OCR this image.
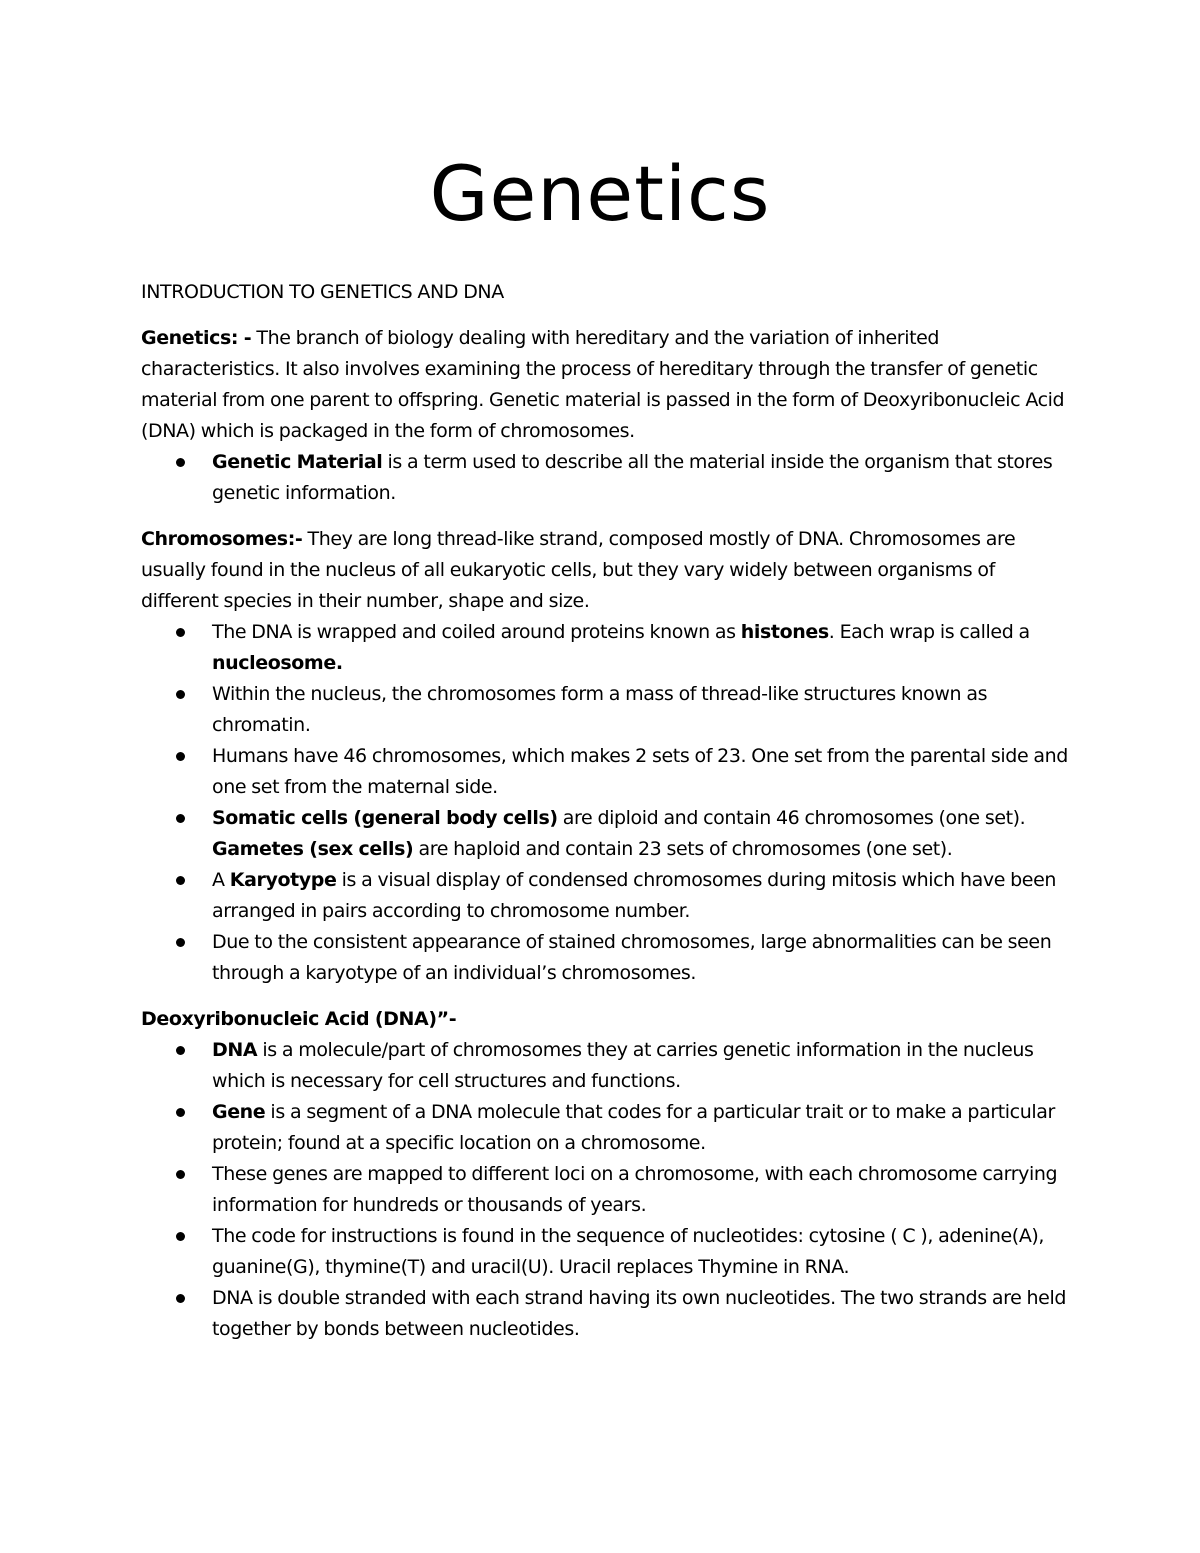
Genetics

INTRODUCTION TO GENETICS AND DNA

Genetics: - The branch of biology dealing with hereditary and the variation of inherited characteristics. It also involves examining the process of hereditary through the transfer of genetic material from one parent to offspring. Genetic material is passed in the form of Deoxyribonucleic Acid (DNA) which is packaged in the form of chromosomes.

Genetic Material is a term used to describe all the material inside the organism that stores genetic information.

Chromosomes:- They are long thread-like strand, composed mostly of DNA. Chromosomes are usually found in the nucleus of all eukaryotic cells, but they vary widely between organisms of different species in their number, shape and size.

The DNA is wrapped and coiled around proteins known as histones. Each wrap is called a nucleosome.
Within the nucleus, the chromosomes form a mass of thread-like structures known as chromatin.
Humans have 46 chromosomes, which makes 2 sets of 23. One set from the parental side and one set from the maternal side.
Somatic cells (general body cells) are diploid and contain 46 chromosomes (one set). Gametes (sex cells) are haploid and contain 23 sets of chromosomes (one set).
A Karyotype is a visual display of condensed chromosomes during mitosis which have been arranged in pairs according to chromosome number.
Due to the consistent appearance of stained chromosomes, large abnormalities can be seen through a karyotype of an individual’s chromosomes.

Deoxyribonucleic Acid (DNA)”-

DNA is a molecule/part of chromosomes they at carries genetic information in the nucleus which is necessary for cell structures and functions.
Gene is a segment of a DNA molecule that codes for a particular trait or to make a particular protein; found at a specific location on a chromosome.
These genes are mapped to different loci on a chromosome, with each chromosome carrying information for hundreds or thousands of years.
The code for instructions is found in the sequence of nucleotides: cytosine ( C ), adenine(A), guanine(G), thymine(T) and uracil(U). Uracil replaces Thymine in RNA.
DNA is double stranded with each strand having its own nucleotides. The two strands are held together by bonds between nucleotides.
